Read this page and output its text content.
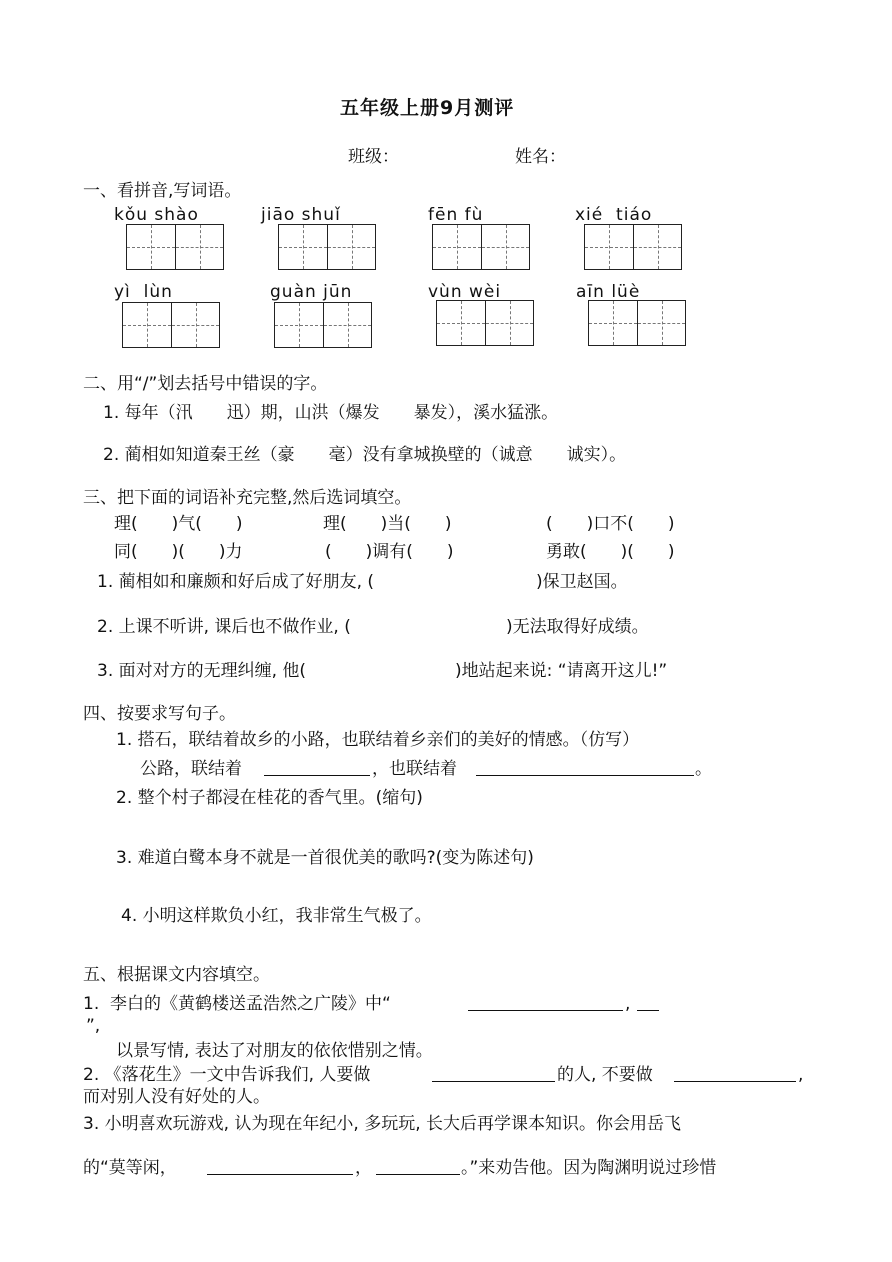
五年级上册9月测评
班级：	姓名：
一、看拼音,写词语。
kǒu shào	jiāo shuǐ	fēn fù	xié  tiáo
yì  lùn	guàn jūn	vùn wèi	aīn lüè
二、用“/”划去括号中错误的字。
1. 每年（汛　　迅）期，山洪（爆发　　暴发），溪水猛涨。
2. 蔺相如知道秦王丝（豪　　毫）没有拿城换壁的（诚意　　诚实）。
三、把下面的词语补充完整,然后选词填空。
理(　　)气(　　)	理(　　)当(　　)	(　　)口不(　　)
同(　　)(　　)力	(　　)调有(　　)	勇敢(　　)(　　)
1. 蔺相如和廉颇和好后成了好朋友, (	)保卫赵国。
2. 上课不听讲, 课后也不做作业, (	)无法取得好成绩。
3. 面对对方的无理纠缠, 他(	)地站起来说: “请离开这儿!”
四、按要求写句子。
1. 搭石，联结着故乡的小路，也联结着乡亲们的美好的情感。（仿写）
公路，联结着	，也联结着	。
2. 整个村子都浸在桂花的香气里。(缩句)
3. 难道白鹭本身不就是一首很优美的歌吗?(变为陈述句)
4. 小明这样欺负小红，我非常生气极了。
五、根据课文内容填空。
1.  李白的《黄鹤楼送孟浩然之广陵》中“	,
”,
以景写情, 表达了对朋友的依依惜别之情。
2. 《落花生》一文中告诉我们, 人要做	的人, 不要做	,
而对别人没有好处的人。
3. 小明喜欢玩游戏, 认为现在年纪小, 多玩玩, 长大后再学课本知识。你会用岳飞
的“莫等闲，	，	。”来劝告他。因为陶渊明说过珍惜
